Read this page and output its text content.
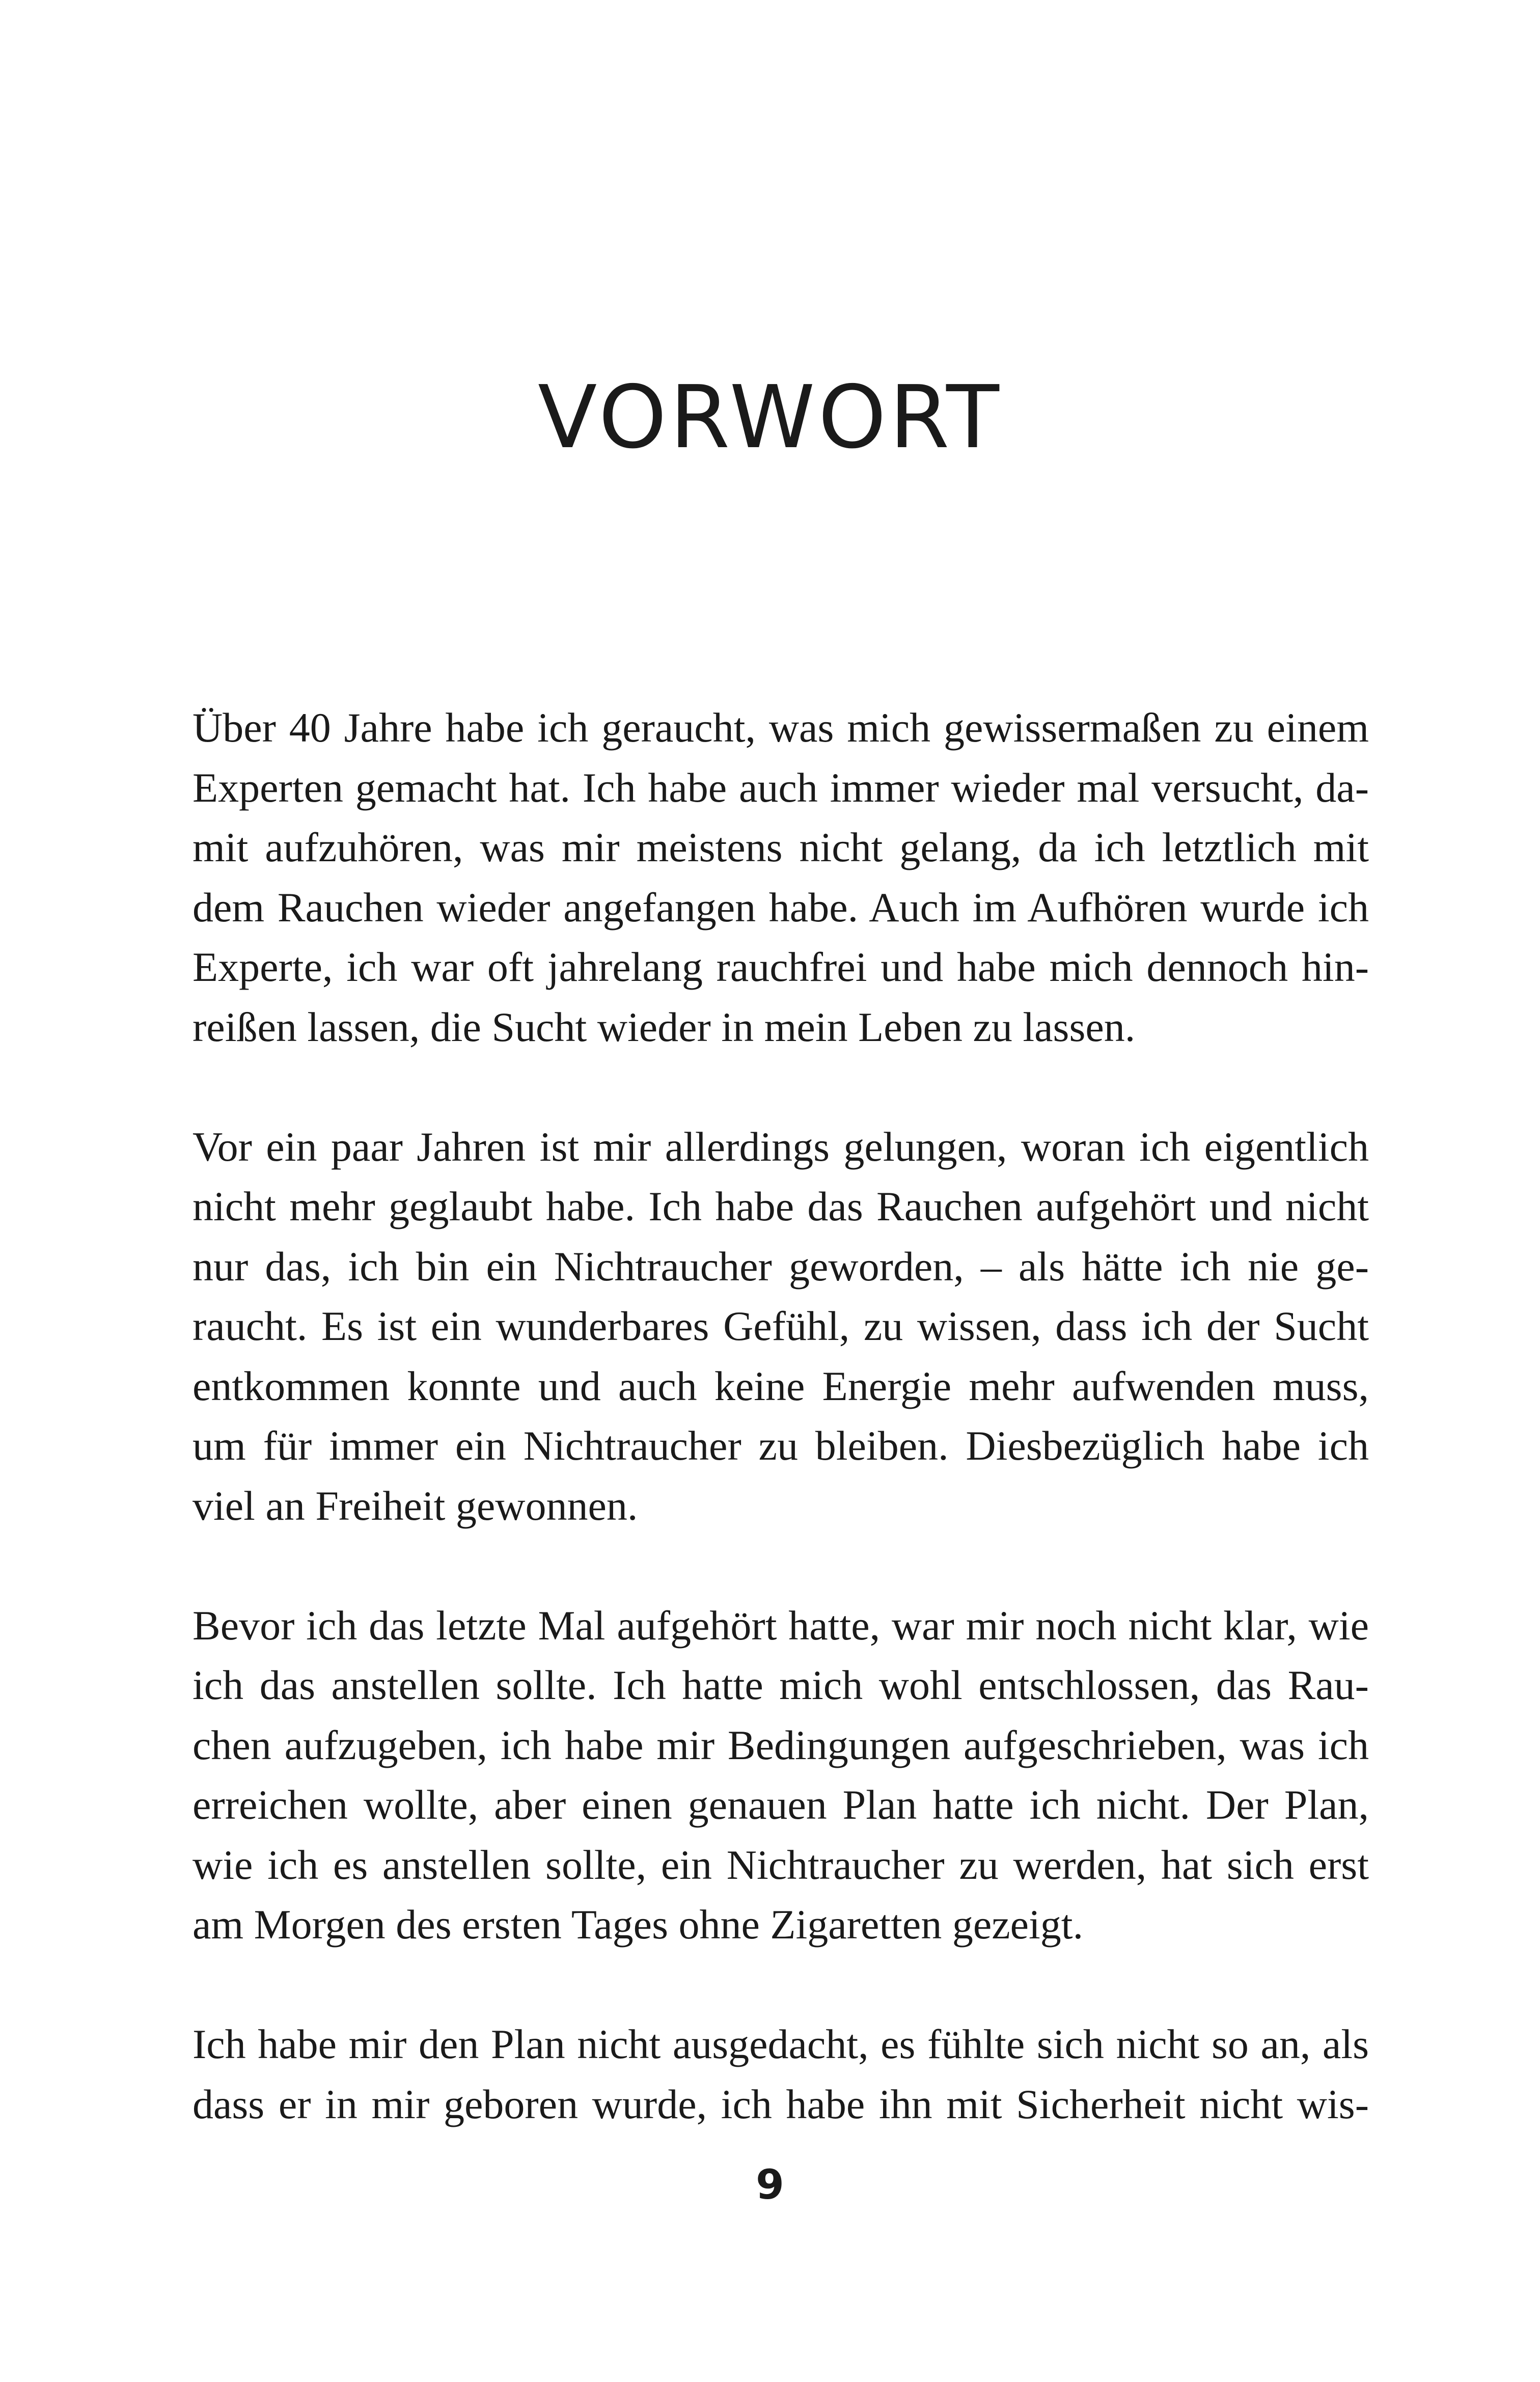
VORWORT

Über 40 Jahre habe ich geraucht, was mich gewissermaßen zu einem
Experten gemacht hat. Ich habe auch immer wieder mal versucht, da-
mit aufzuhören, was mir meistens nicht gelang, da ich letztlich mit
dem Rauchen wieder angefangen habe. Auch im Aufhören wurde ich
Experte, ich war oft jahrelang rauchfrei und habe mich dennoch hin-
reißen lassen, die Sucht wieder in mein Leben zu lassen.

Vor ein paar Jahren ist mir allerdings gelungen, woran ich eigentlich
nicht mehr geglaubt habe. Ich habe das Rauchen aufgehört und nicht
nur das, ich bin ein Nichtraucher geworden, – als hätte ich nie ge-
raucht. Es ist ein wunderbares Gefühl, zu wissen, dass ich der Sucht
entkommen konnte und auch keine Energie mehr aufwenden muss,
um für immer ein Nichtraucher zu bleiben. Diesbezüglich habe ich
viel an Freiheit gewonnen.

Bevor ich das letzte Mal aufgehört hatte, war mir noch nicht klar, wie
ich das anstellen sollte. Ich hatte mich wohl entschlossen, das Rau-
chen aufzugeben, ich habe mir Bedingungen aufgeschrieben, was ich
erreichen wollte, aber einen genauen Plan hatte ich nicht. Der Plan,
wie ich es anstellen sollte, ein Nichtraucher zu werden, hat sich erst
am Morgen des ersten Tages ohne Zigaretten gezeigt.

Ich habe mir den Plan nicht ausgedacht, es fühlte sich nicht so an, als
dass er in mir geboren wurde, ich habe ihn mit Sicherheit nicht wis-

9
